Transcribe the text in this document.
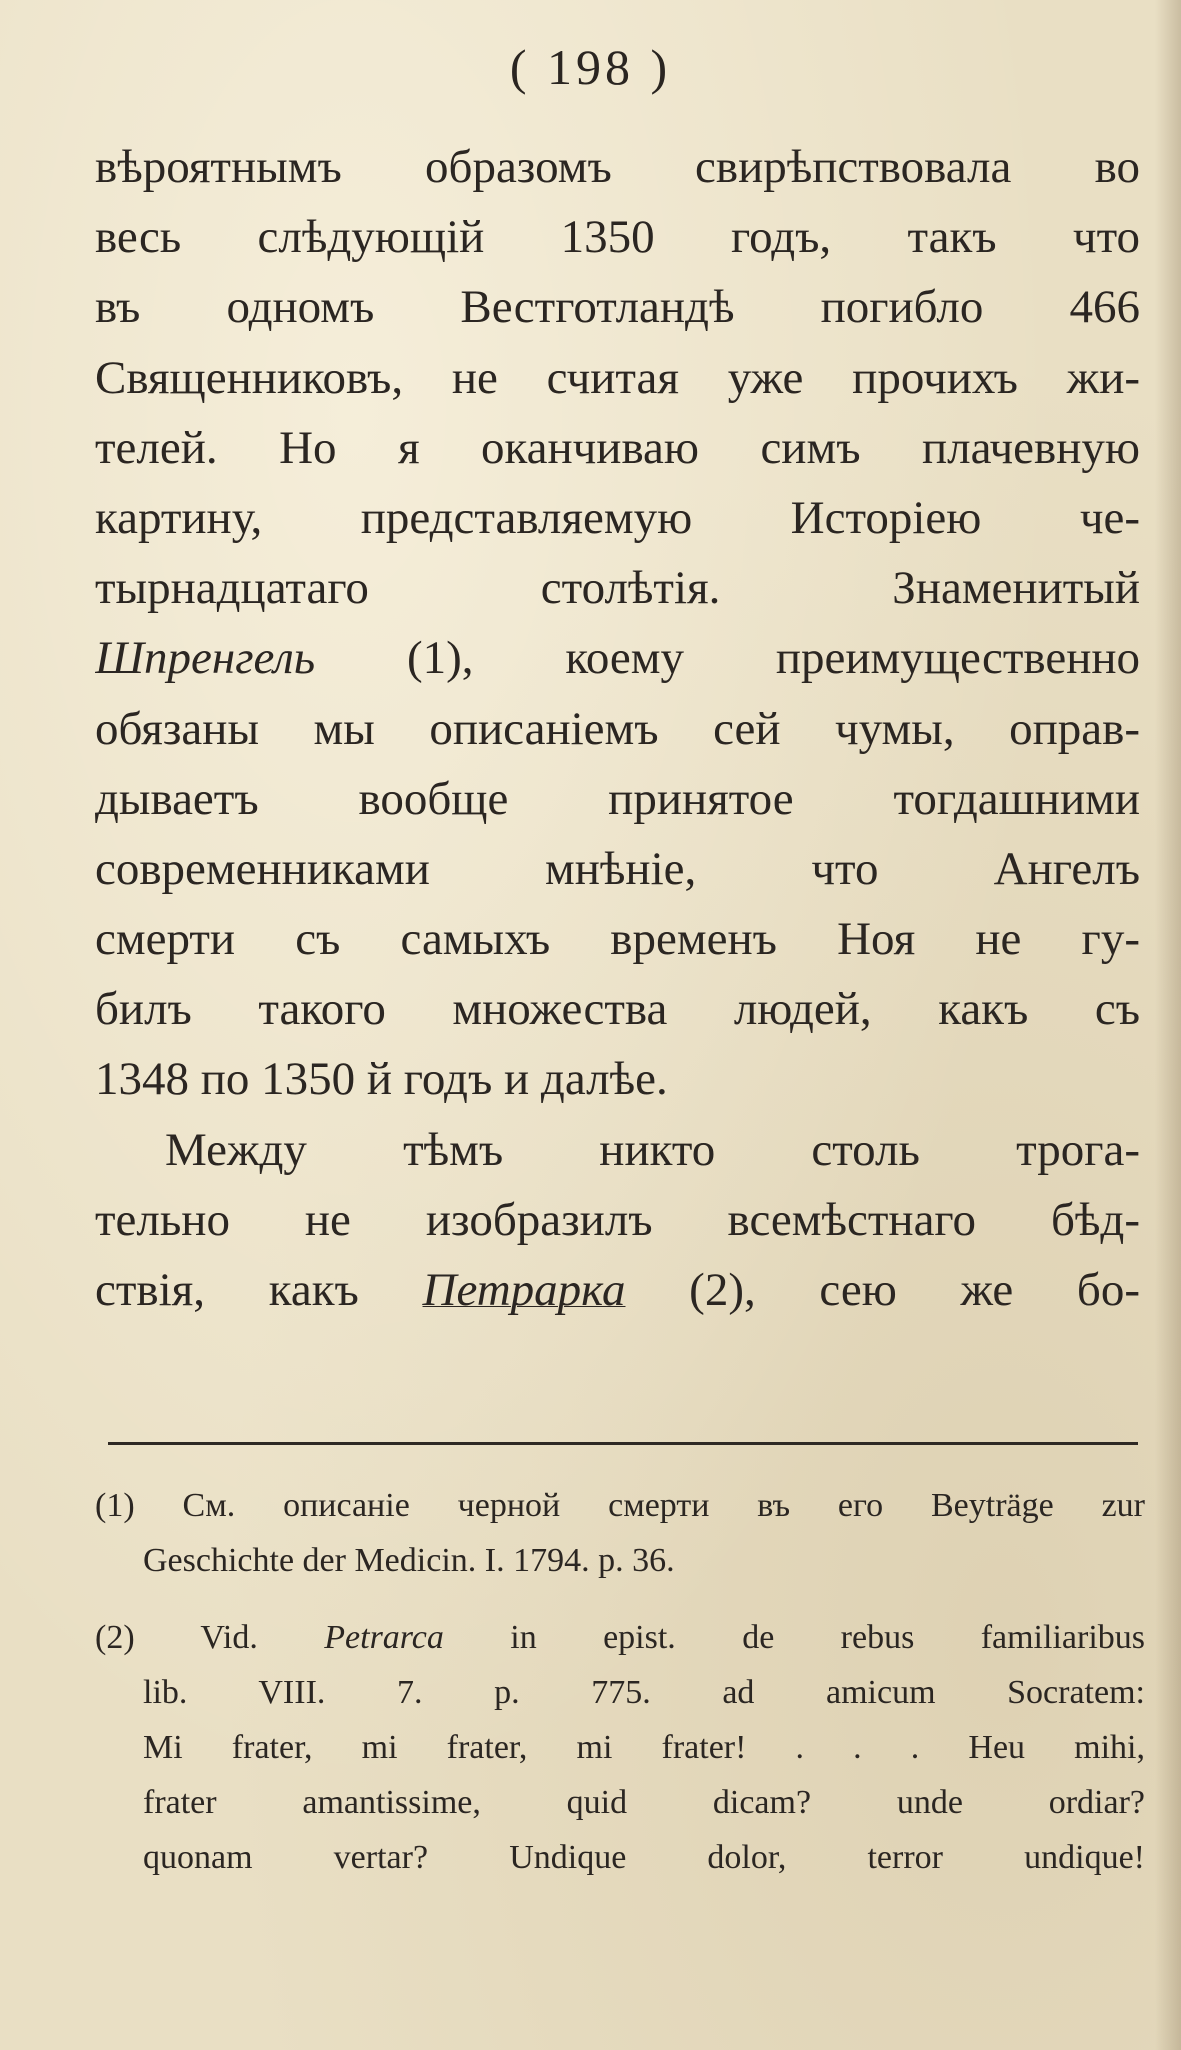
( 198 )
вѣроятнымъ образомъ свирѣпствовала во
весь слѣдующій 1350 годъ, такъ что
въ одномъ Вестготландѣ погибло 466
Священниковъ, не считая уже прочихъ жи-
телей. Но я оканчиваю симъ плачевную
картину, представляемую Исторіею че-
тырнадцатаго столѣтія. Знаменитый
Шпренгель (1), коему преимущественно
обязаны мы описаніемъ сей чумы, оправ-
дываетъ вообще принятое тогдашними
современниками мнѣніе, что Ангелъ
смерти съ самыхъ временъ Ноя не гу-
билъ такого множества людей, какъ съ
1348 по 1350 й годъ и далѣе.
Между тѣмъ никто столь трога-
тельно не изобразилъ всемѣстнаго бѣд-
ствія, какъ Петрарка (2), сею же бо-
(1) См. описаніе черной смерти въ его Beyträge zur
Geschichte der Medicin. I. 1794. p. 36.
(2) Vid. Petrarca in epist. de rebus familiaribus
lib. VIII. 7. p. 775. ad amicum Socratem:
Mi frater, mi frater, mi frater! . . . Heu mihi,
frater amantissime, quid dicam? unde ordiar?
quonam vertar? Undique dolor, terror undique!
